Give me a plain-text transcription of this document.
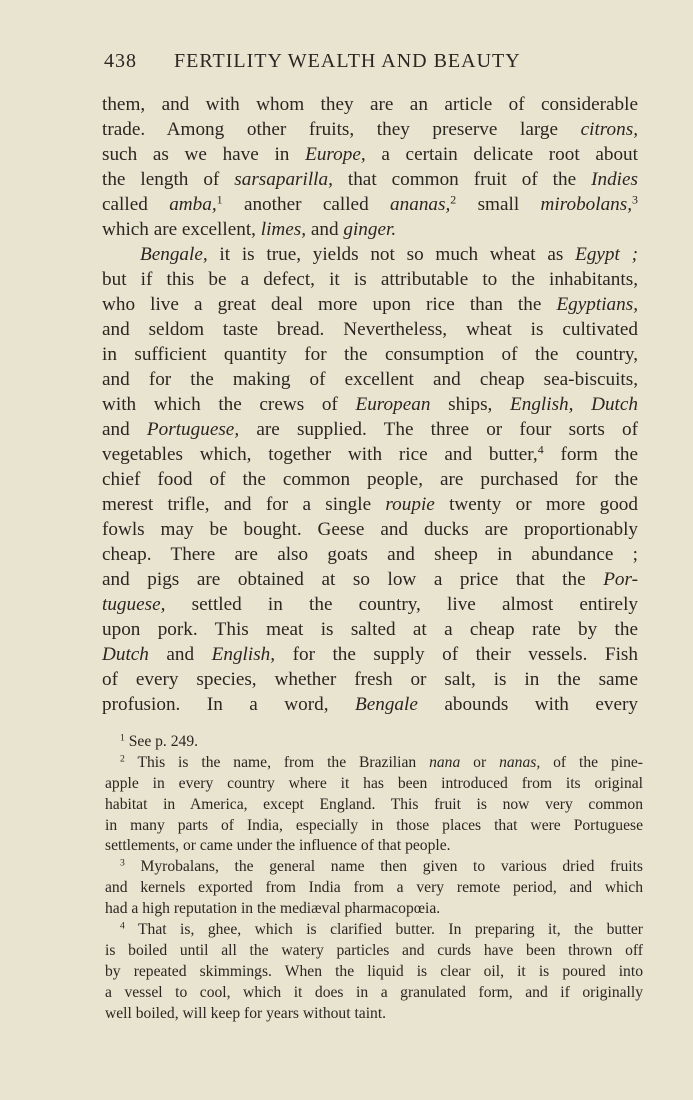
438 FERTILITY WEALTH AND BEAUTY
them, and with whom they are an article of considerable
trade. Among other fruits, they preserve large citrons,
such as we have in Europe, a certain delicate root about
the length of sarsaparilla, that common fruit of the Indies
called amba,$^1$ another called ananas,$^2$ small mirobolans,$^3$
which are excellent, limes, and ginger.
Bengale, it is true, yields not so much wheat as Egypt ;
but if this be a defect, it is attributable to the inhabitants,
who live a great deal more upon rice than the Egyptians,
and seldom taste bread. Nevertheless, wheat is cultivated
in sufficient quantity for the consumption of the country,
and for the making of excellent and cheap sea-biscuits,
with which the crews of European ships, English, Dutch
and Portuguese, are supplied. The three or four sorts of
vegetables which, together with rice and butter,$^4$ form the
chief food of the common people, are purchased for the
merest trifle, and for a single roupie twenty or more good
fowls may be bought. Geese and ducks are proportionably
cheap. There are also goats and sheep in abundance ;
and pigs are obtained at so low a price that the Por-
tuguese, settled in the country, live almost entirely
upon pork. This meat is salted at a cheap rate by the
Dutch and English, for the supply of their vessels. Fish
of every species, whether fresh or salt, is in the same
profusion. In a word, Bengale abounds with every
$^1$ See p. 249.
$^2$ This is the name, from the Brazilian nana or nanas, of the pine-
apple in every country where it has been introduced from its original
habitat in America, except England. This fruit is now very common
in many parts of India, especially in those places that were Portuguese
settlements, or came under the influence of that people.
$^3$ Myrobalans, the general name then given to various dried fruits
and kernels exported from India from a very remote period, and which
had a high reputation in the mediæval pharmacopœia.
$^4$ That is, ghee, which is clarified butter. In preparing it, the butter
is boiled until all the watery particles and curds have been thrown off
by repeated skimmings. When the liquid is clear oil, it is poured into
a vessel to cool, which it does in a granulated form, and if originally
well boiled, will keep for years without taint.
